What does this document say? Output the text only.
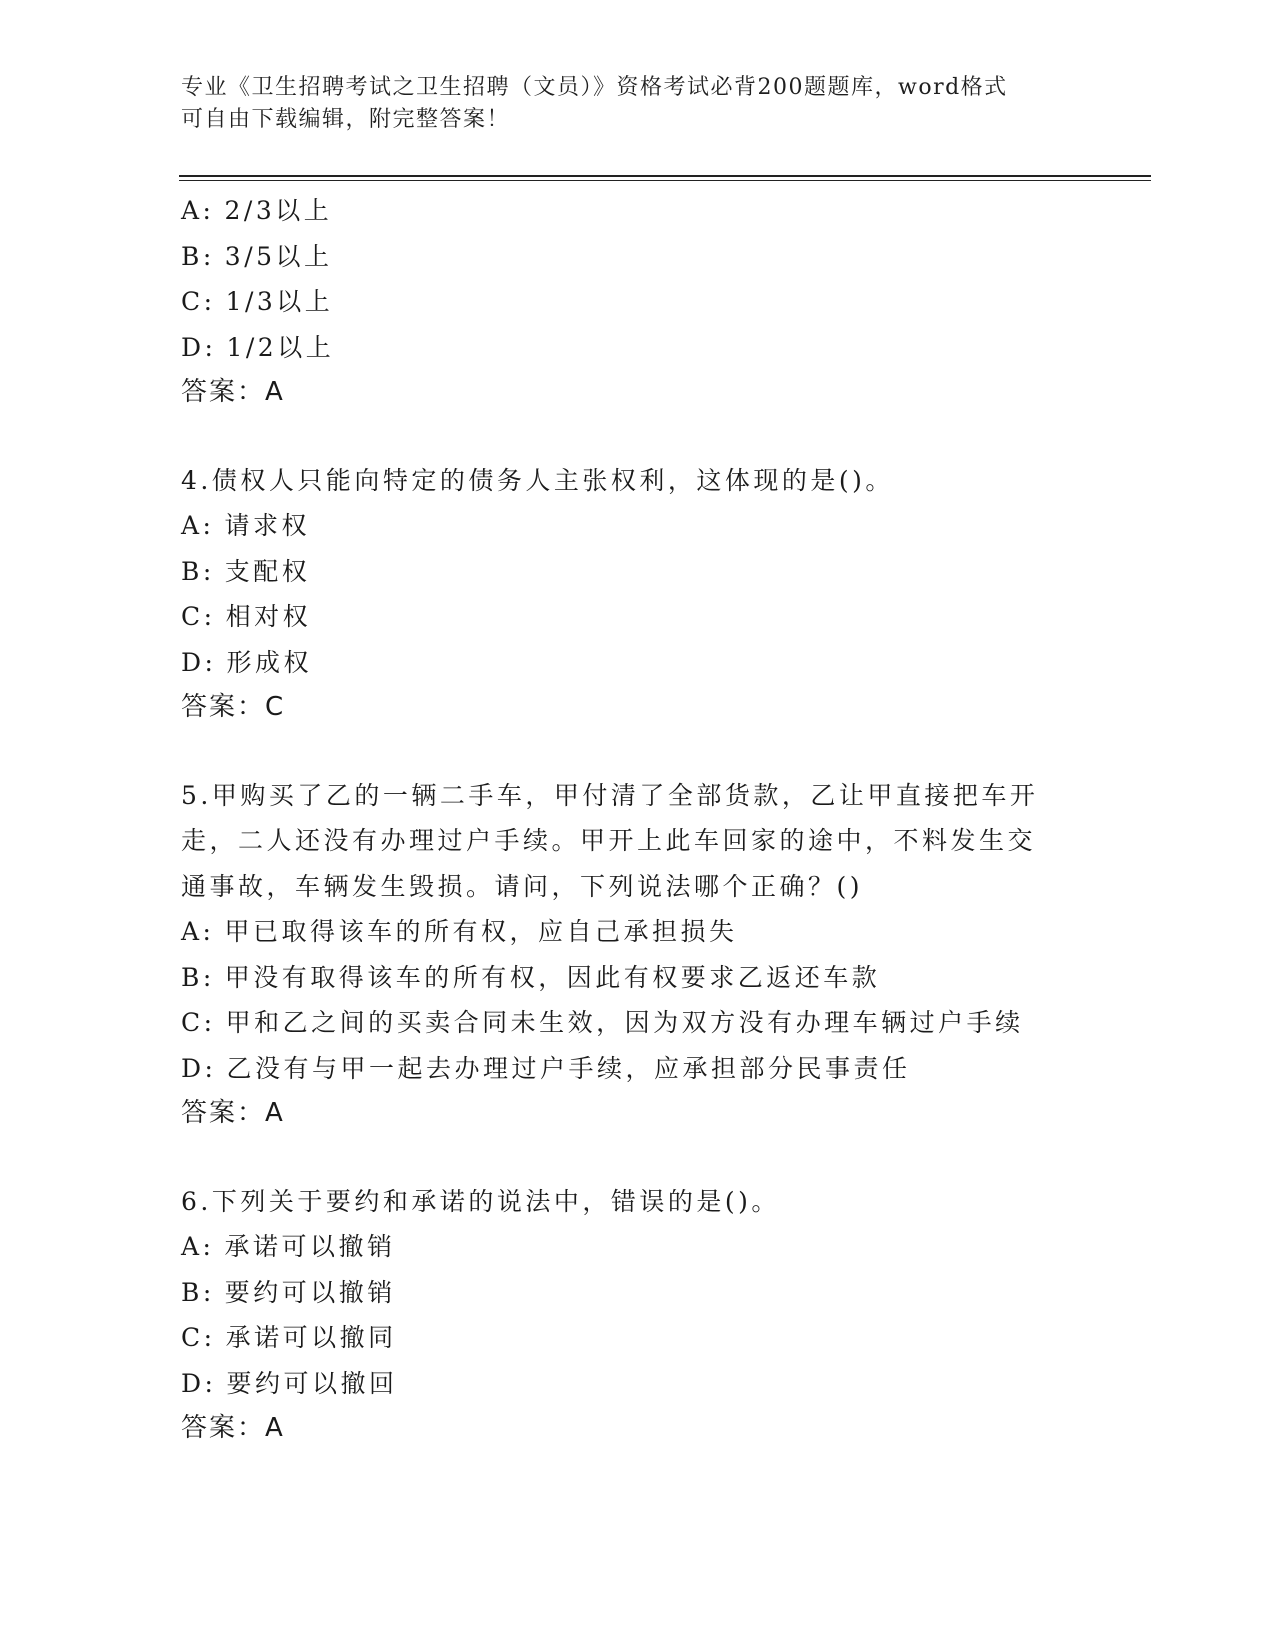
专业《卫生招聘考试之卫生招聘（文员）》资格考试必背200题题库，word格式
可自由下载编辑，附完整答案！
A: 2/3以上
B: 3/5以上
C: 1/3以上
D: 1/2以上
答案：A
4.债权人只能向特定的债务人主张权利，这体现的是()。
A: 请求权
B: 支配权
C: 相对权
D: 形成权
答案：C
5.甲购买了乙的一辆二手车，甲付清了全部货款，乙让甲直接把车开
走，二人还没有办理过户手续。甲开上此车回家的途中，不料发生交
通事故，车辆发生毁损。请问，下列说法哪个正确？()
A: 甲已取得该车的所有权，应自己承担损失
B: 甲没有取得该车的所有权，因此有权要求乙返还车款
C: 甲和乙之间的买卖合同未生效，因为双方没有办理车辆过户手续
D: 乙没有与甲一起去办理过户手续，应承担部分民事责任
答案：A
6.下列关于要约和承诺的说法中，错误的是()。
A: 承诺可以撤销
B: 要约可以撤销
C: 承诺可以撤同
D: 要约可以撤回
答案：A
